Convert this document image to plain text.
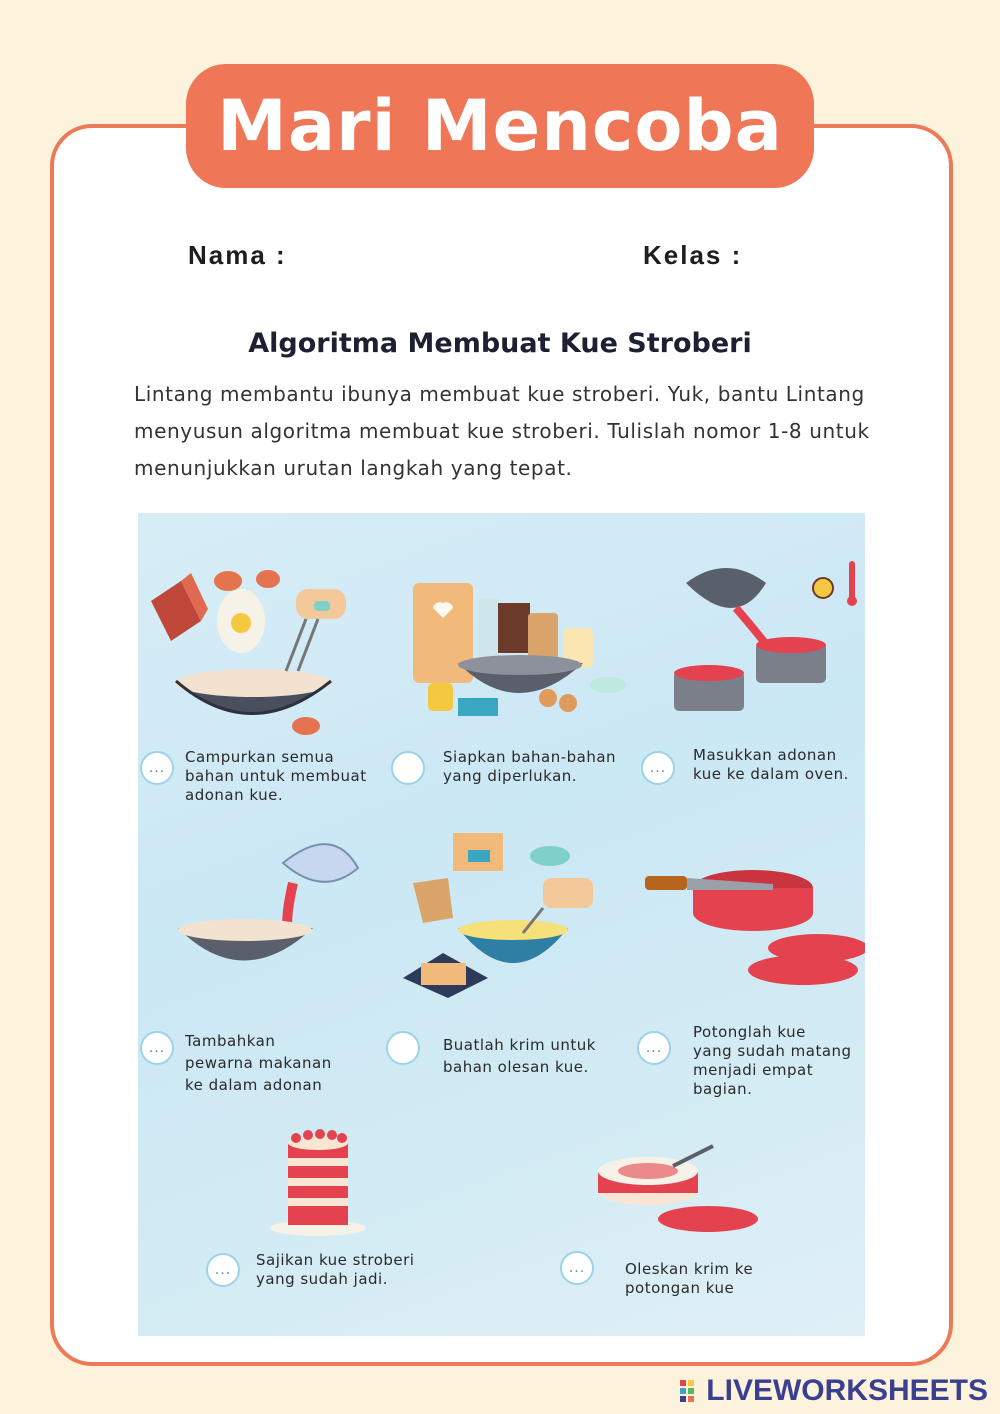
Mari Mencoba
Nama :	Kelas :
Algoritma Membuat Kue Stroberi
Lintang membantu ibunya membuat kue stroberi. Yuk, bantu Lintang menyusun algoritma membuat kue stroberi. Tulislah nomor 1-8 untuk menunjukkan urutan langkah yang tepat.
...
Campurkan semua
bahan untuk membuat
adonan kue.
Siapkan bahan-bahan
yang diperlukan.	...
Masukkan adonan
kue ke dalam oven.
...	Tambahkan
pewarna makanan
ke dalam adonan
Buatlah krim untuk
bahan olesan kue.
...
Potonglah kue
yang sudah matang
menjadi empat
bagian.
...
Sajikan kue stroberi
yang sudah jadi.
...	Oleskan krim ke
potongan kue
LIVEWORKSHEETS
